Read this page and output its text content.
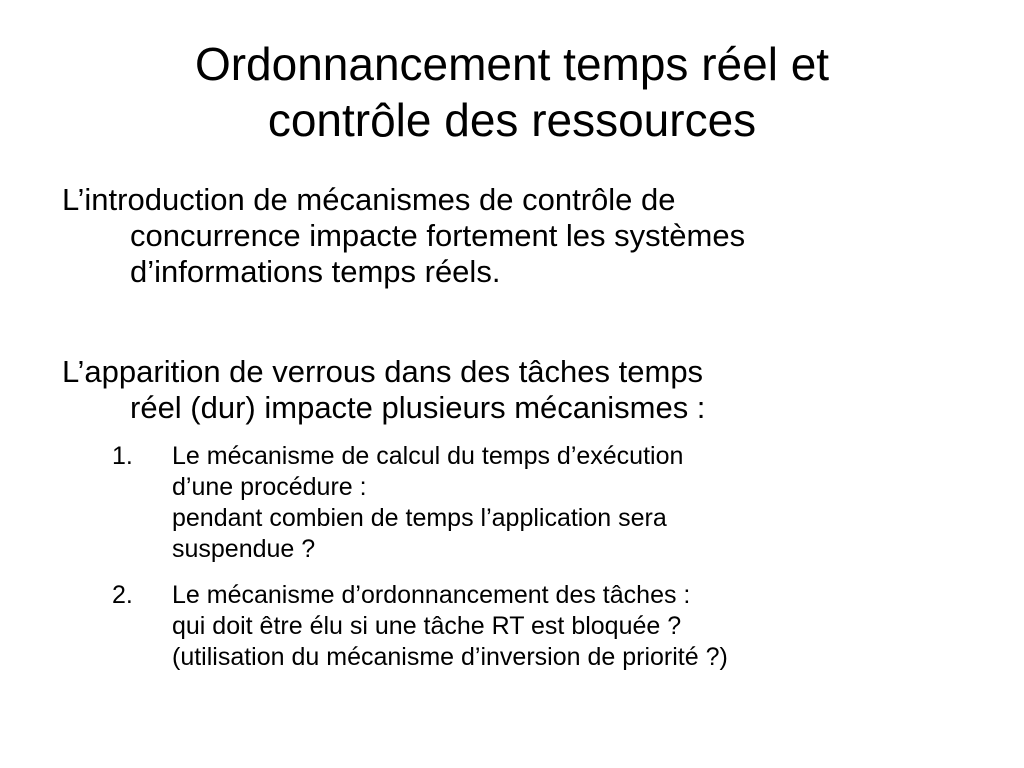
Ordonnancement temps réel et
contrôle des ressources
L’introduction de mécanismes de contrôle de
concurrence impacte fortement les systèmes
d’informations temps réels.
L’apparition de verrous dans des tâches temps
réel (dur) impacte plusieurs mécanismes :
1. Le mécanisme de calcul du temps d’exécution
d’une procédure :
pendant combien de temps l’application sera
suspendue ?
2. Le mécanisme d’ordonnancement des tâches :
qui doit être élu si une tâche RT est bloquée ?
(utilisation du mécanisme d’inversion de priorité ?)
